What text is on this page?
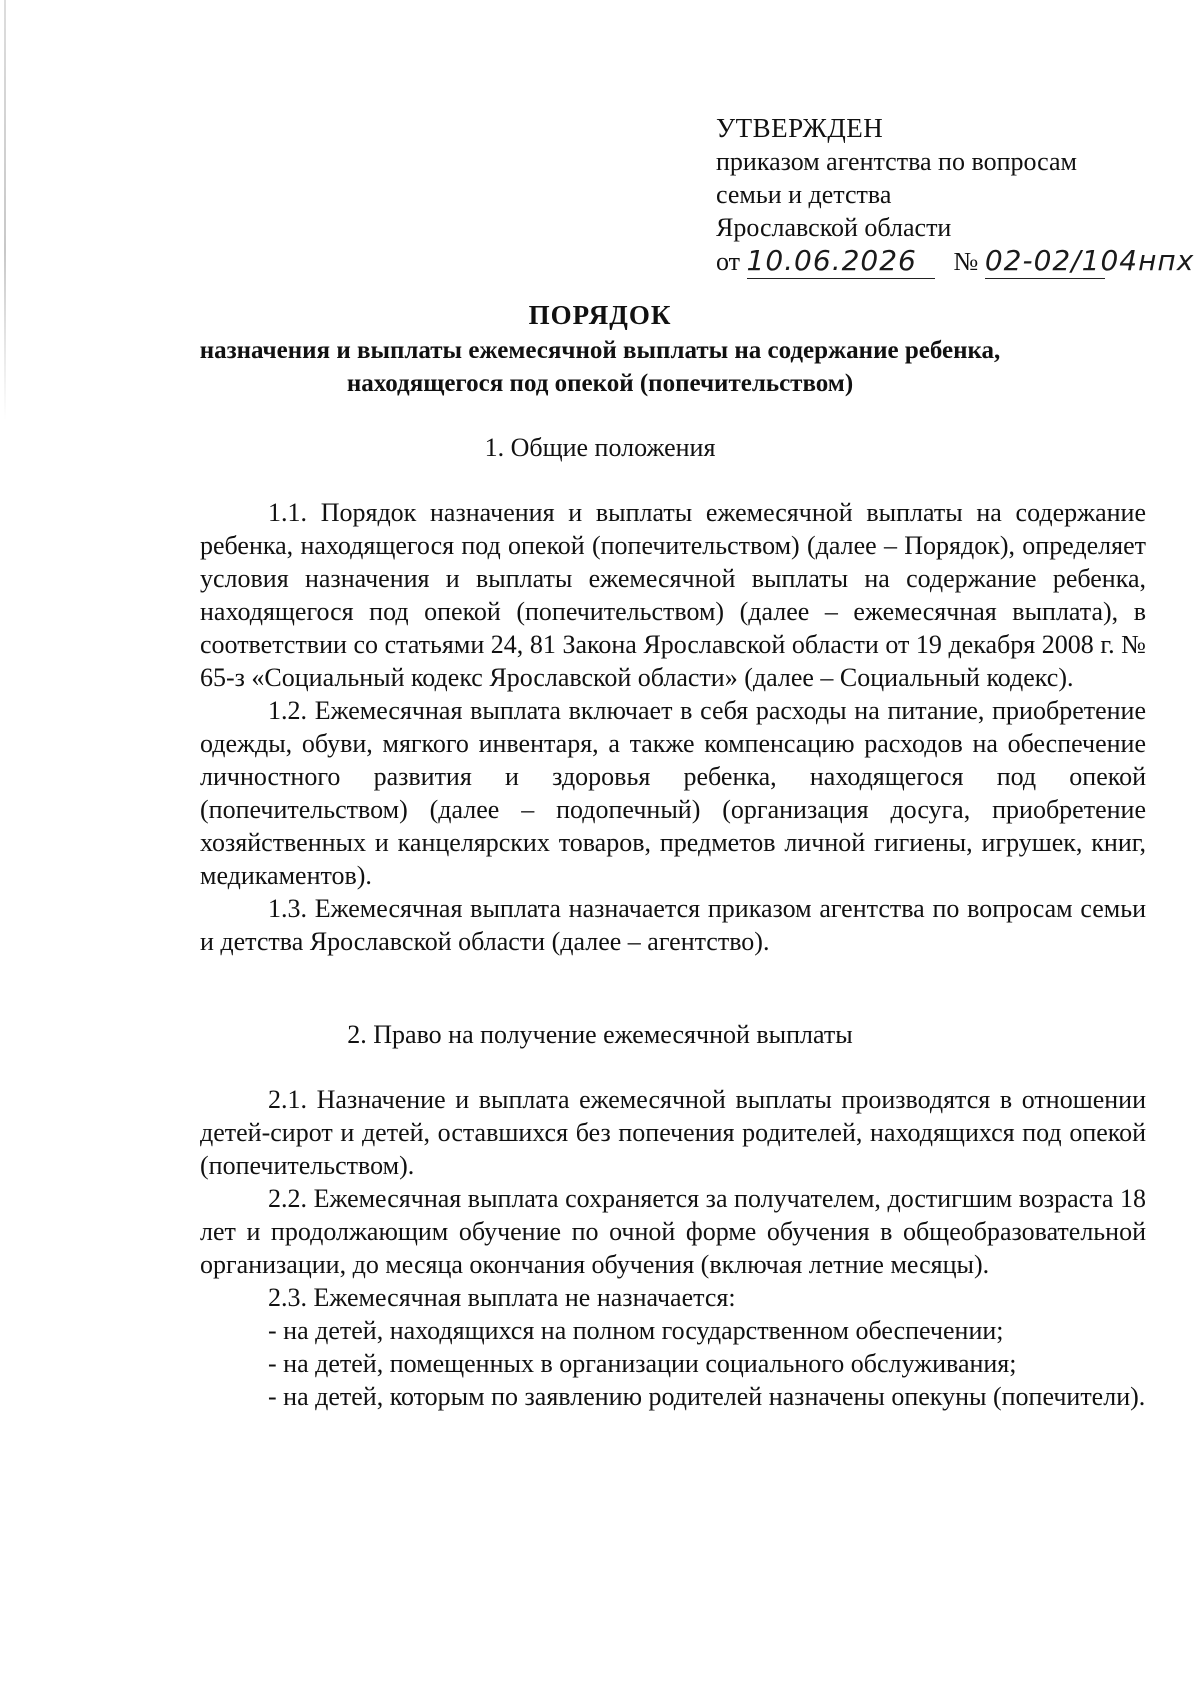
УТВЕРЖДЕН
приказом агентства по вопросам
семьи и детства
Ярославской области
от 10.06.2026 № 02-02/104нпх
ПОРЯДОК
назначения и выплаты ежемесячной выплаты на содержание ребенка,
находящегося под опекой (попечительством)
1. Общие положения

1.1. Порядок назначения и выплаты ежемесячной выплаты на содержание ребенка, находящегося под опекой (попечительством) (далее – Порядок), определяет условия назначения и выплаты ежемесячной выплаты на содержание ребенка, находящегося под опекой (попечительством) (далее – ежемесячная выплата), в соответствии со статьями 24, 81 Закона Ярославской области от 19 декабря 2008 г. № 65-з «Социальный кодекс Ярославской области» (далее – Социальный кодекс).

1.2. Ежемесячная выплата включает в себя расходы на питание, приобретение одежды, обуви, мягкого инвентаря, а также компенсацию расходов на обеспечение личностного развития и здоровья ребенка, находящегося под опекой (попечительством) (далее – подопечный) (организация досуга, приобретение хозяйственных и канцелярских товаров, предметов личной гигиены, игрушек, книг, медикаментов).

1.3. Ежемесячная выплата назначается приказом агентства по вопросам семьи и детства Ярославской области (далее – агентство).

2. Право на получение ежемесячной выплаты

2.1. Назначение и выплата ежемесячной выплаты производятся в отношении детей-сирот и детей, оставшихся без попечения родителей, находящихся под опекой (попечительством).

2.2. Ежемесячная выплата сохраняется за получателем, достигшим возраста 18 лет и продолжающим обучение по очной форме обучения в общеобразовательной организации, до месяца окончания обучения (включая летние месяцы).

2.3. Ежемесячная выплата не назначается:

- на детей, находящихся на полном государственном обеспечении;

- на детей, помещенных в организации социального обслуживания;

- на детей, которым по заявлению родителей назначены опекуны (попечители).
